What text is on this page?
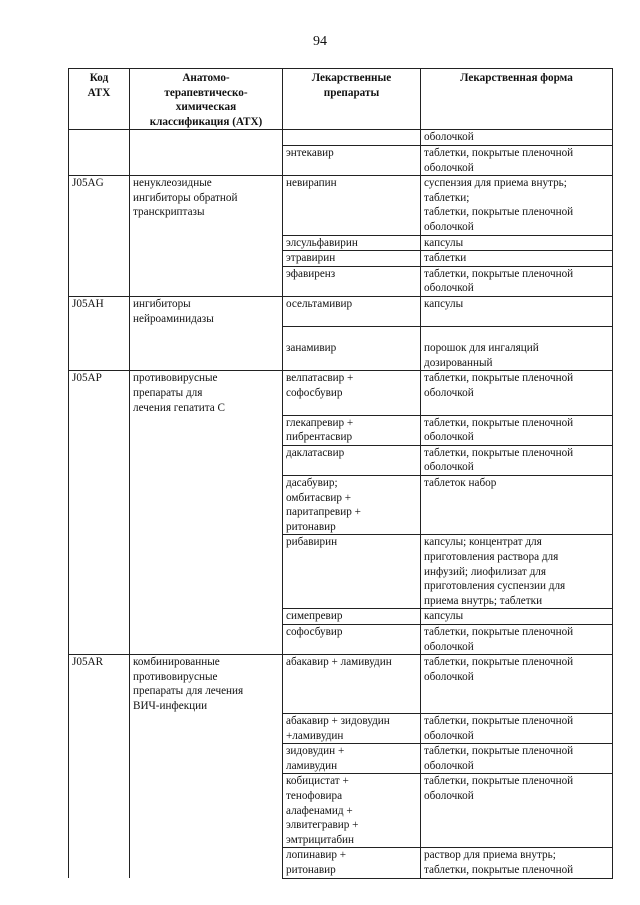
94
Код
АТХ	Анатомо-
терапевтическо-
химическая
классификация (АТХ)	Лекарственные
препараты	Лекарственная форма

			оболочкой

		энтекавир	таблетки, покрытые пленочной
оболочкой

J05AG	ненуклеозидные
ингибиторы обратной
транскриптазы	невирапин	суспензия для приема внутрь;
таблетки;
таблетки, покрытые пленочной
оболочкой

		элсульфавирин	капсулы

		этравирин	таблетки

		эфавиренз	таблетки, покрытые пленочной
оболочкой

J05AH	ингибиторы
нейроаминидазы	осельтамивир	капсулы

		занамивир	порошок для ингаляций
дозированный

J05AP	противовирусные
препараты для
лечения гепатита C	велпатасвир +
софосбувир	таблетки, покрытые пленочной
оболочкой

		глекапревир +
пибрентасвир	таблетки, покрытые пленочной
оболочкой

		даклатасвир	таблетки, покрытые пленочной
оболочкой

		дасабувир;
омбитасвир +
паритапревир +
ритонавир	таблеток набор

		рибавирин	капсулы; концентрат для
приготовления раствора для
инфузий; лиофилизат для
приготовления суспензии для
приема внутрь; таблетки

		симепревир	капсулы

		софосбувир	таблетки, покрытые пленочной
оболочкой

J05AR	комбинированные
противовирусные
препараты для лечения
ВИЧ-инфекции	абакавир + ламивудин	таблетки, покрытые пленочной
оболочкой

		абакавир + зидовудин
+ламивудин	таблетки, покрытые пленочной
оболочкой

		зидовудин +
ламивудин	таблетки, покрытые пленочной
оболочкой

		кобицистат +
тенофовира
алафенамид +
элвитегравир +
эмтрицитабин	таблетки, покрытые пленочной
оболочкой

		лопинавир +
ритонавир	раствор для приема внутрь;
таблетки, покрытые пленочной
